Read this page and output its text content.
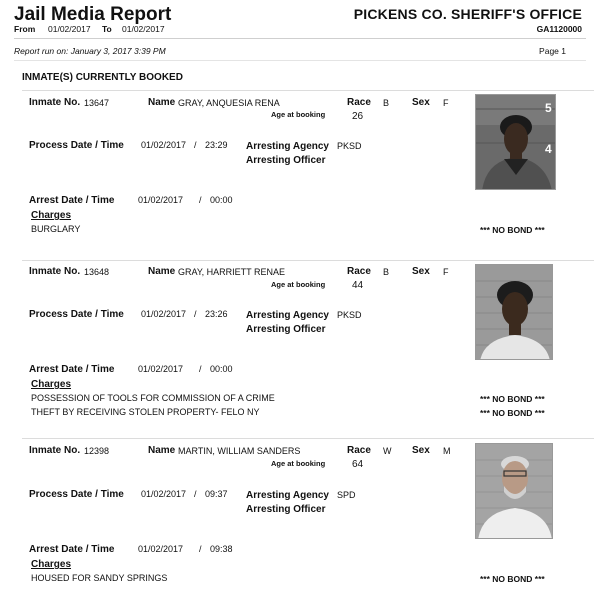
Jail Media Report	PICKENS CO. SHERIFF'S OFFICE
From 01/02/2017 To 01/02/2017	GA1120000
Report run on: January 3, 2017 3:39 PM	Page 1
INMATE(S) CURRENTLY BOOKED
Inmate No. 13647	Name GRAY, ANQUESIA RENA	Race B Sex F
Age at booking	26
Process Date / Time 01/02/2017 / 23:29 Arresting Agency PKSD
Arresting Officer
Arrest Date / Time	01/02/2017 / 00:00
Charges
BURGLARY	*** NO BOND ***
5
4
Inmate No. 13648	Name GRAY, HARRIETT RENAE	Race B Sex F
Age at booking	44
Process Date / Time 01/02/2017 / 23:26 Arresting Agency PKSD
Arresting Officer
Arrest Date / Time	01/02/2017 / 00:00
Charges
POSSESSION OF TOOLS FOR COMMISSION OF A CRIME	*** NO BOND ***
THEFT BY RECEIVING STOLEN PROPERTY- FELO NY	*** NO BOND ***
Inmate No. 12398	Name MARTIN, WILLIAM SANDERS	Race W Sex M
Age at booking	64
Process Date / Time 01/02/2017 / 09:37 Arresting Agency SPD
Arresting Officer
Arrest Date / Time	01/02/2017 / 09:38
Charges
HOUSED FOR SANDY SPRINGS	*** NO BOND ***
